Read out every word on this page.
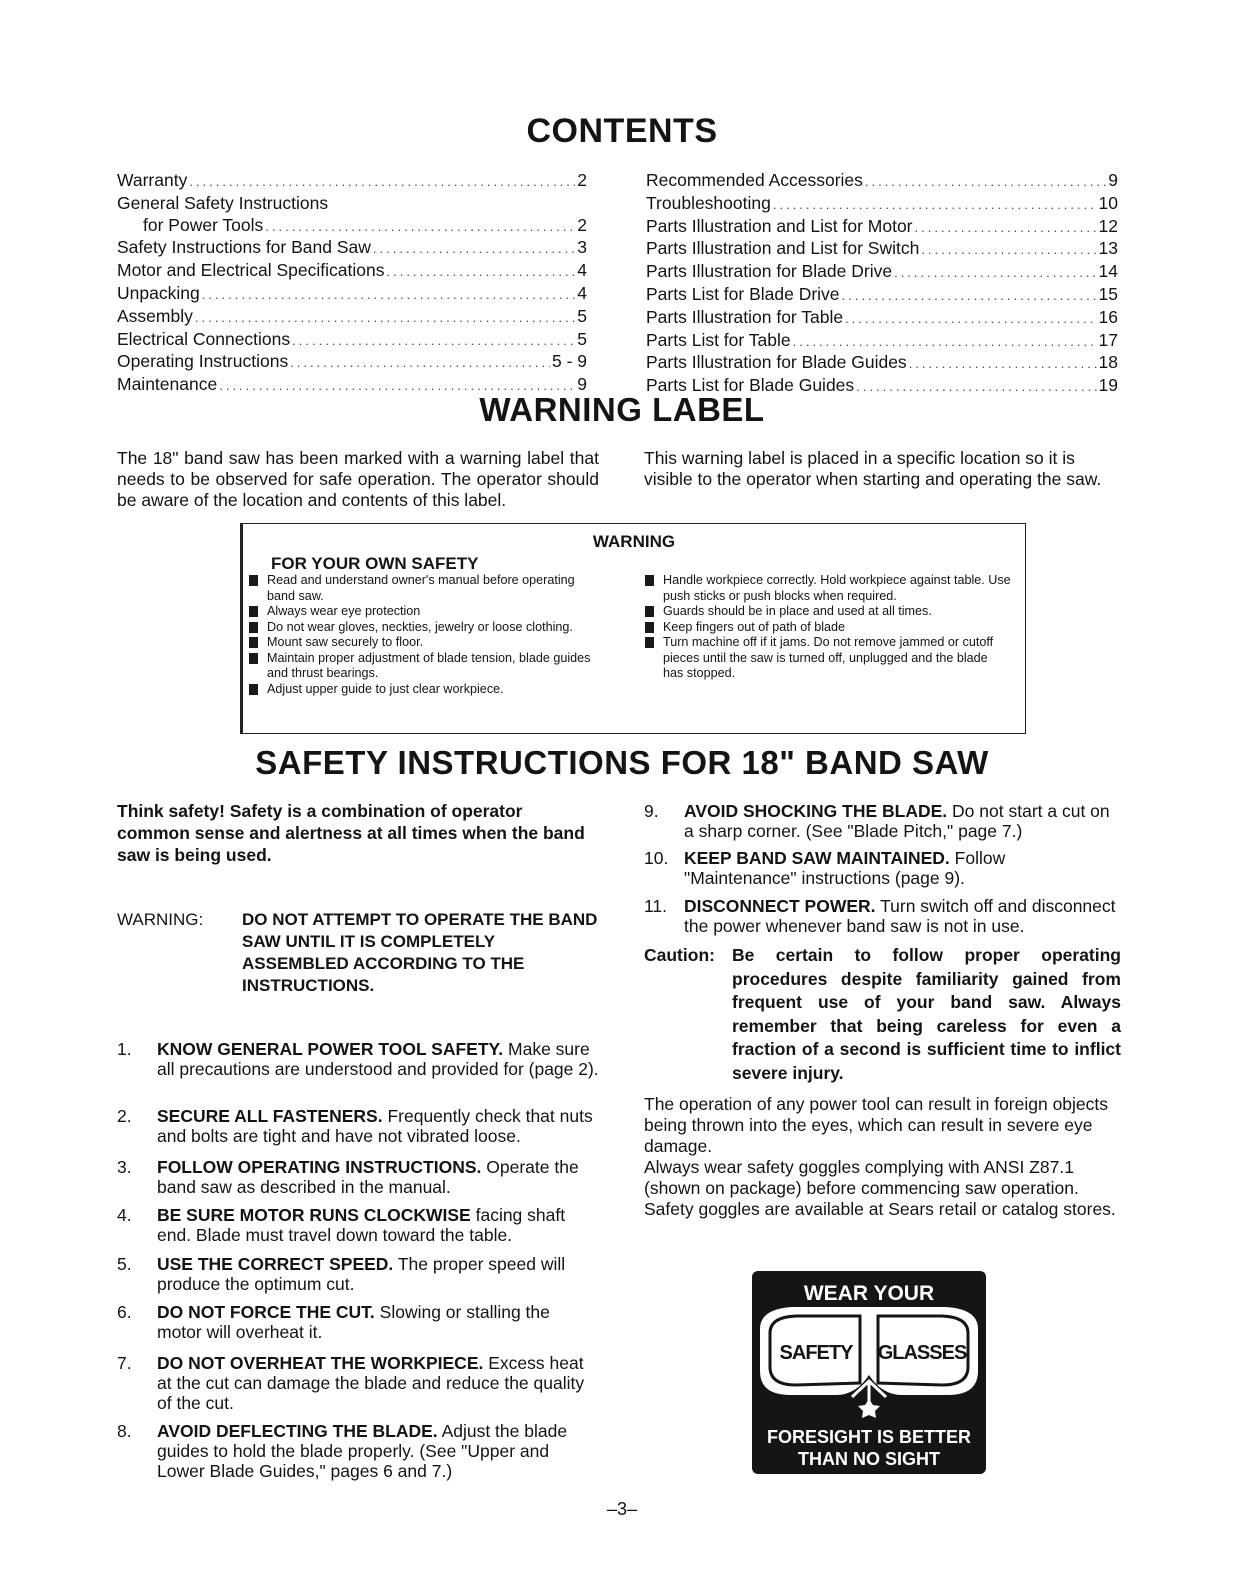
CONTENTS
Warranty .....	2
General Safety Instructions
for Power Tools .....	2
Safety Instructions for Band Saw .....	3
Motor and Electrical Specifications .....	4
Unpacking .....	4
Assembly .....	5
Electrical Connections .....	5
Operating Instructions .....	5 - 9
Maintenance .....	9
Recommended Accessories .....	9
Troubleshooting .....	10
Parts Illustration and List for Motor .....	12
Parts Illustration and List for Switch .....	13
Parts Illustration for Blade Drive .....	14
Parts List for Blade Drive .....	15
Parts Illustration for Table .....	16
Parts List for Table .....	17
Parts Illustration for Blade Guides .....	18
Parts List for Blade Guides .....	19
WARNING LABEL

The 18" band saw has been marked with a warning label that needs to be observed for safe operation. The operator should be aware of the location and contents of this label.

This warning label is placed in a specific location so it is visible to the operator when starting and operating the saw.

WARNING
FOR YOUR OWN SAFETY
Read and understand owner's manual before operating band saw.
Always wear eye protection
Do not wear gloves, neckties, jewelry or loose clothing.
Mount saw securely to floor.
Maintain proper adjustment of blade tension, blade guides and thrust bearings.
Adjust upper guide to just clear workpiece.
Handle workpiece correctly. Hold workpiece against table. Use push sticks or push blocks when required.
Guards should be in place and used at all times.
Keep fingers out of path of blade
Turn machine off if it jams. Do not remove jammed or cutoff pieces until the saw is turned off, unplugged and the blade has stopped.
SAFETY INSTRUCTIONS FOR 18" BAND SAW
Think safety! Safety is a combination of operator common sense and alertness at all times when the band saw is being used.
WARNING: DO NOT ATTEMPT TO OPERATE THE BAND SAW UNTIL IT IS COMPLETELY ASSEMBLED ACCORDING TO THE INSTRUCTIONS.
1. KNOW GENERAL POWER TOOL SAFETY. Make sure all precautions are understood and provided for (page 2).
2. SECURE ALL FASTENERS. Frequently check that nuts and bolts are tight and have not vibrated loose.
3. FOLLOW OPERATING INSTRUCTIONS. Operate the band saw as described in the manual.
4. BE SURE MOTOR RUNS CLOCKWISE facing shaft end. Blade must travel down toward the table.
5. USE THE CORRECT SPEED. The proper speed will produce the optimum cut.
6. DO NOT FORCE THE CUT. Slowing or stalling the motor will overheat it.
7. DO NOT OVERHEAT THE WORKPIECE. Excess heat at the cut can damage the blade and reduce the quality of the cut.
8. AVOID DEFLECTING THE BLADE. Adjust the blade guides to hold the blade properly. (See "Upper and Lower Blade Guides," pages 6 and 7.)
9. AVOID SHOCKING THE BLADE. Do not start a cut on a sharp corner. (See "Blade Pitch," page 7.)
10. KEEP BAND SAW MAINTAINED. Follow "Maintenance" instructions (page 9).
11. DISCONNECT POWER. Turn switch off and disconnect the power whenever band saw is not in use.
Caution: Be certain to follow proper operating procedures despite familiarity gained from frequent use of your band saw. Always remember that being careless for even a fraction of a second is sufficient time to inflict severe injury.

The operation of any power tool can result in foreign objects being thrown into the eyes, which can result in severe eye damage.

Always wear safety goggles complying with ANSI Z87.1 (shown on package) before commencing saw operation. Safety goggles are available at Sears retail or catalog stores.

WEAR YOUR
SAFETY GLASSES
FORESIGHT IS BETTER
THAN NO SIGHT
–3–
